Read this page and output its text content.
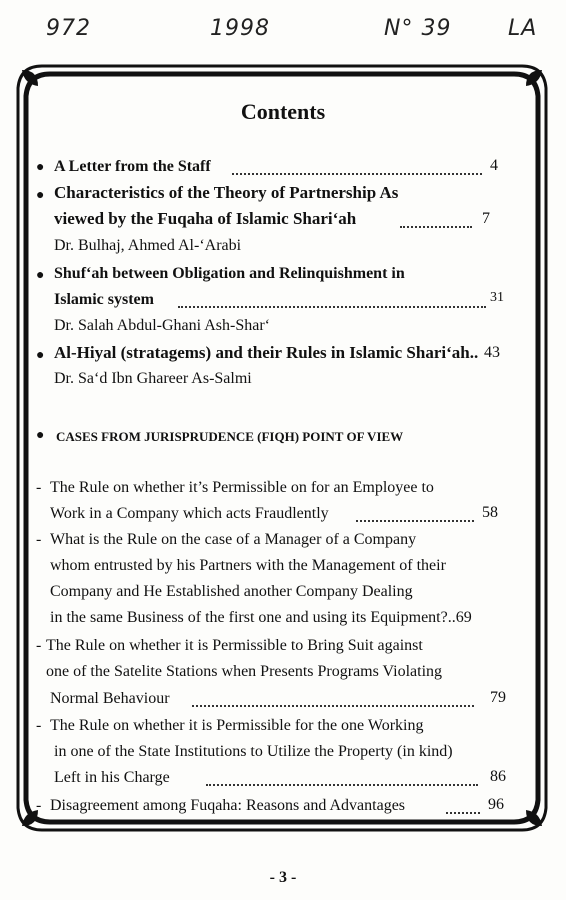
972	1998	N° 39	LA
Contents
● A Letter from the Staff	4
● Characteristics of the Theory of Partnership As
viewed by the Fuqaha of Islamic Shari‘ah	7
Dr. Bulhaj, Ahmed Al-‘Arabi
● Shuf‘ah between Obligation and Relinquishment in
Islamic system	31
Dr. Salah Abdul-Ghani Ash-Shar‘
● Al-Hiyal (stratagems) and their Rules in Islamic Shari‘ah.. 43
Dr. Sa‘d Ibn Ghareer As-Salmi
● CASES FROM JURISPRUDENCE (FIQH) POINT OF VIEW
- The Rule on whether it’s Permissible on for an Employee to
Work in a Company which acts Fraudlently	58
- What is the Rule on the case of a Manager of a Company
whom entrusted by his Partners with the Management of their
Company and He Established another Company Dealing
in the same Business of the first one and using its Equipment?..69
- The Rule on whether it is Permissible to Bring Suit against
one of the Satelite Stations when Presents Programs Violating
Normal Behaviour	79
- The Rule on whether it is Permissible for the one Working
in one of the State Institutions to Utilize the Property (in kind)
Left in his Charge	86
- Disagreement among Fuqaha: Reasons and Advantages	96
- 3 -
